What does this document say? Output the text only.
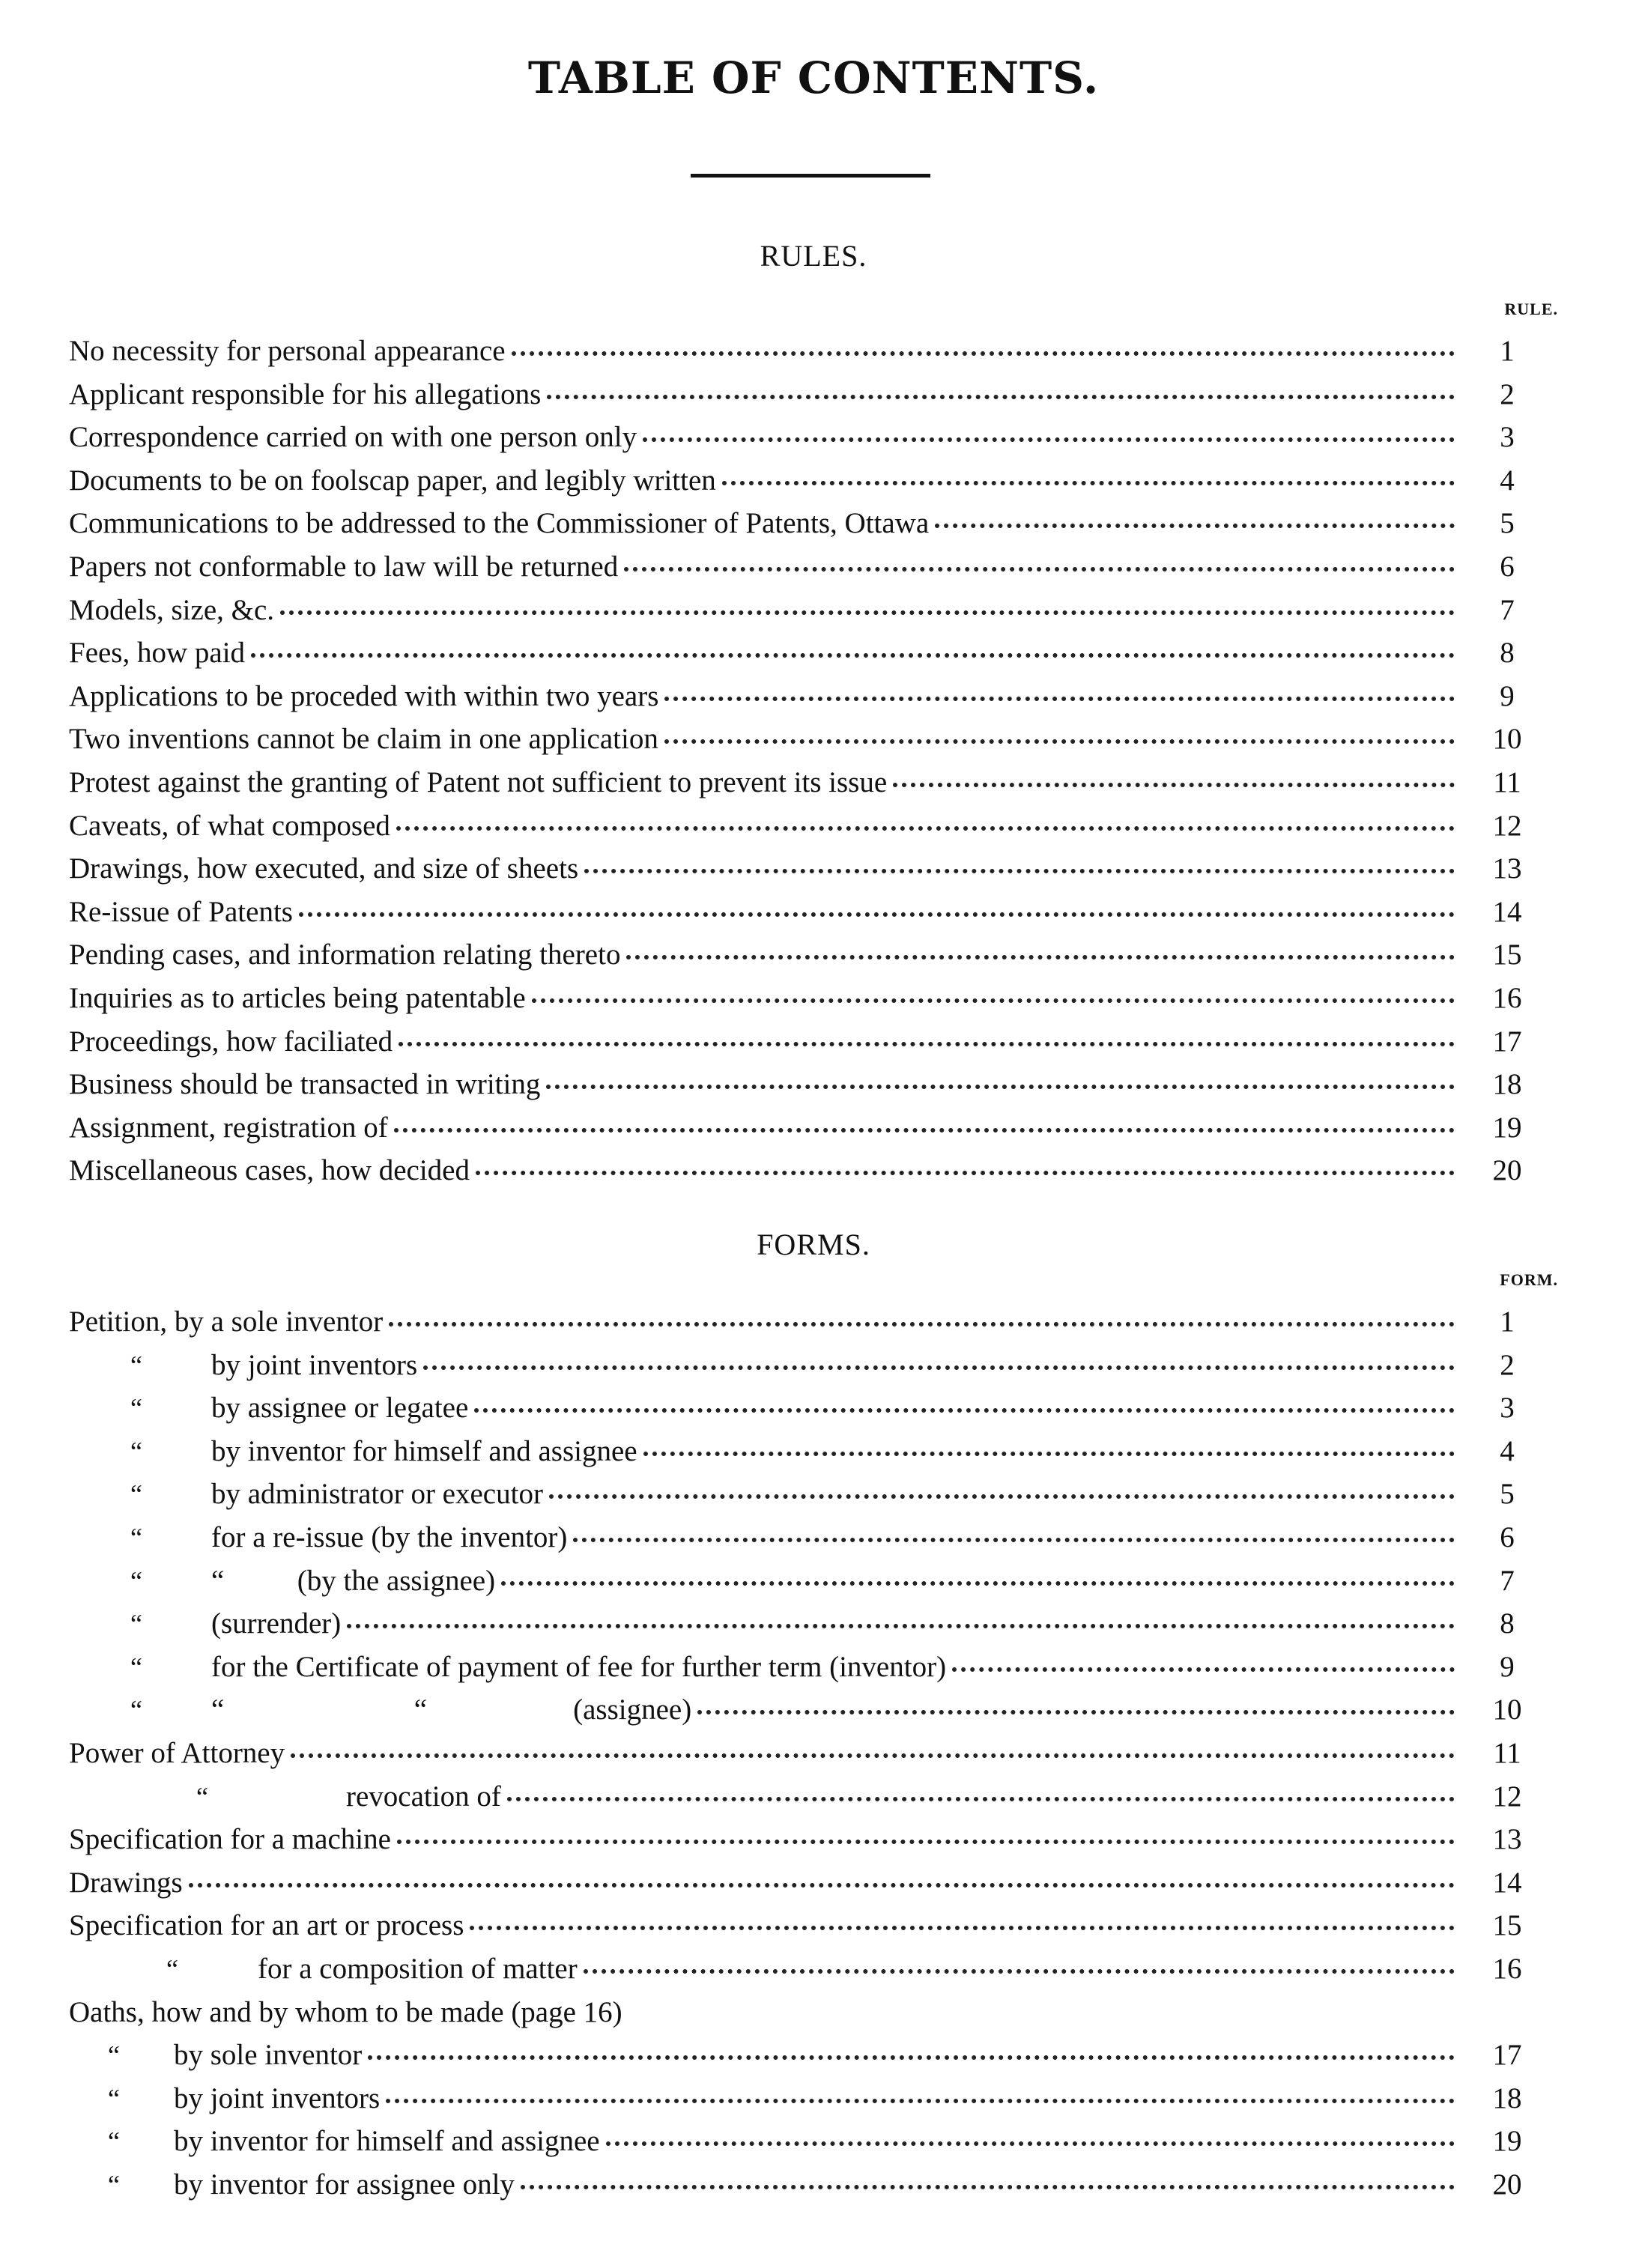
TABLE OF CONTENTS.
RULES.
RULE.
No necessity for personal appearance	1
Applicant responsible for his allegations	2
Correspondence carried on with one person only	3
Documents to be on foolscap paper, and legibly written	4
Communications to be addressed to the Commissioner of Patents, Ottawa	5
Papers not conformable to law will be returned	6
Models, size, &c.	7
Fees, how paid	8
Applications to be proceded with within two years	9
Two inventions cannot be claim in one application	10
Protest against the granting of Patent not sufficient to prevent its issue	11
Caveats, of what composed	12
Drawings, how executed, and size of sheets	13
Re-issue of Patents	14
Pending cases, and information relating thereto	15
Inquiries as to articles being patentable	16
Proceedings, how faciliated	17
Business should be transacted in writing	18
Assignment, registration of	19
Miscellaneous cases, how decided	20
FORMS.
FORM.
Petition, by a sole inventor	1
“	by joint inventors	2
“	by assignee or legatee	3
“	by inventor for himself and assignee	4
“	by administrator or executor	5
“	for a re-issue (by the inventor)	6
“	“          (by the assignee)	7
“	(surrender)	8
“	for the Certificate of payment of fee for further term (inventor)	9
“	“                          “                    (assignee)	10
Power of Attorney	11
“	revocation of	12
Specification for a machine	13
Drawings	14
Specification for an art or process	15
“	for a composition of matter	16
Oaths, how and by whom to be made (page 16)
“	by sole inventor	17
“	by joint inventors	18
“	by inventor for himself and assignee	19
“	by inventor for assignee only	20
